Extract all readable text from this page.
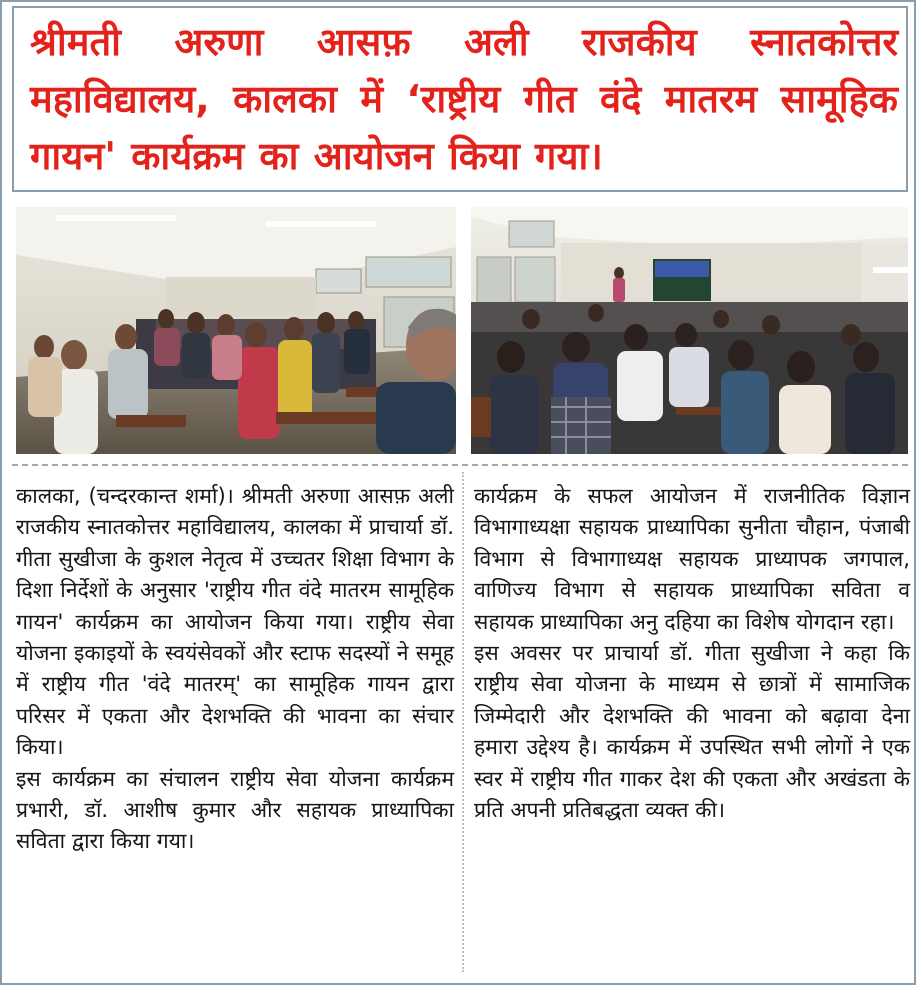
श्रीमती अरुणा आसफ़ अली राजकीय स्नातकोत्तर महाविद्यालय, कालका में ‘राष्ट्रीय गीत वंदे मातरम सामूहिक गायन' कार्यक्रम का आयोजन किया गया।

कालका, (चन्दरकान्त शर्मा)। श्रीमती अरुणा आसफ़ अली राजकीय स्नातकोत्तर महाविद्यालय, कालका में प्राचार्या डॉ. गीता सुखीजा के कुशल नेतृत्व में उच्चतर शिक्षा विभाग के दिशा निर्देशों के अनुसार 'राष्ट्रीय गीत वंदे मातरम सामूहिक गायन' कार्यक्रम का आयोजन किया गया। राष्ट्रीय सेवा योजना इकाइयों के स्वयंसेवकों और स्टाफ सदस्यों ने समूह में राष्ट्रीय गीत 'वंदे मातरम्' का सामूहिक गायन द्वारा परिसर में एकता और देशभक्ति की भावना का संचार किया।

इस कार्यक्रम का संचालन राष्ट्रीय सेवा योजना कार्यक्रम प्रभारी, डॉ. आशीष कुमार और सहायक प्राध्यापिका सविता द्वारा किया गया।

कार्यक्रम के सफल आयोजन में राजनीतिक विज्ञान विभागाध्यक्षा सहायक प्राध्यापिका सुनीता चौहान, पंजाबी विभाग से विभागाध्यक्ष सहायक प्राध्यापक जगपाल, वाणिज्य विभाग से सहायक प्राध्यापिका सविता व सहायक प्राध्यापिका अनु दहिया का विशेष योगदान रहा।

इस अवसर पर प्राचार्या डॉ. गीता सुखीजा ने कहा कि राष्ट्रीय सेवा योजना के माध्यम से छात्रों में सामाजिक जिम्मेदारी और देशभक्ति की भावना को बढ़ावा देना हमारा उद्देश्य है। कार्यक्रम में उपस्थित सभी लोगों ने एक स्वर में राष्ट्रीय गीत गाकर देश की एकता और अखंडता के प्रति अपनी प्रतिबद्धता व्यक्त की।
